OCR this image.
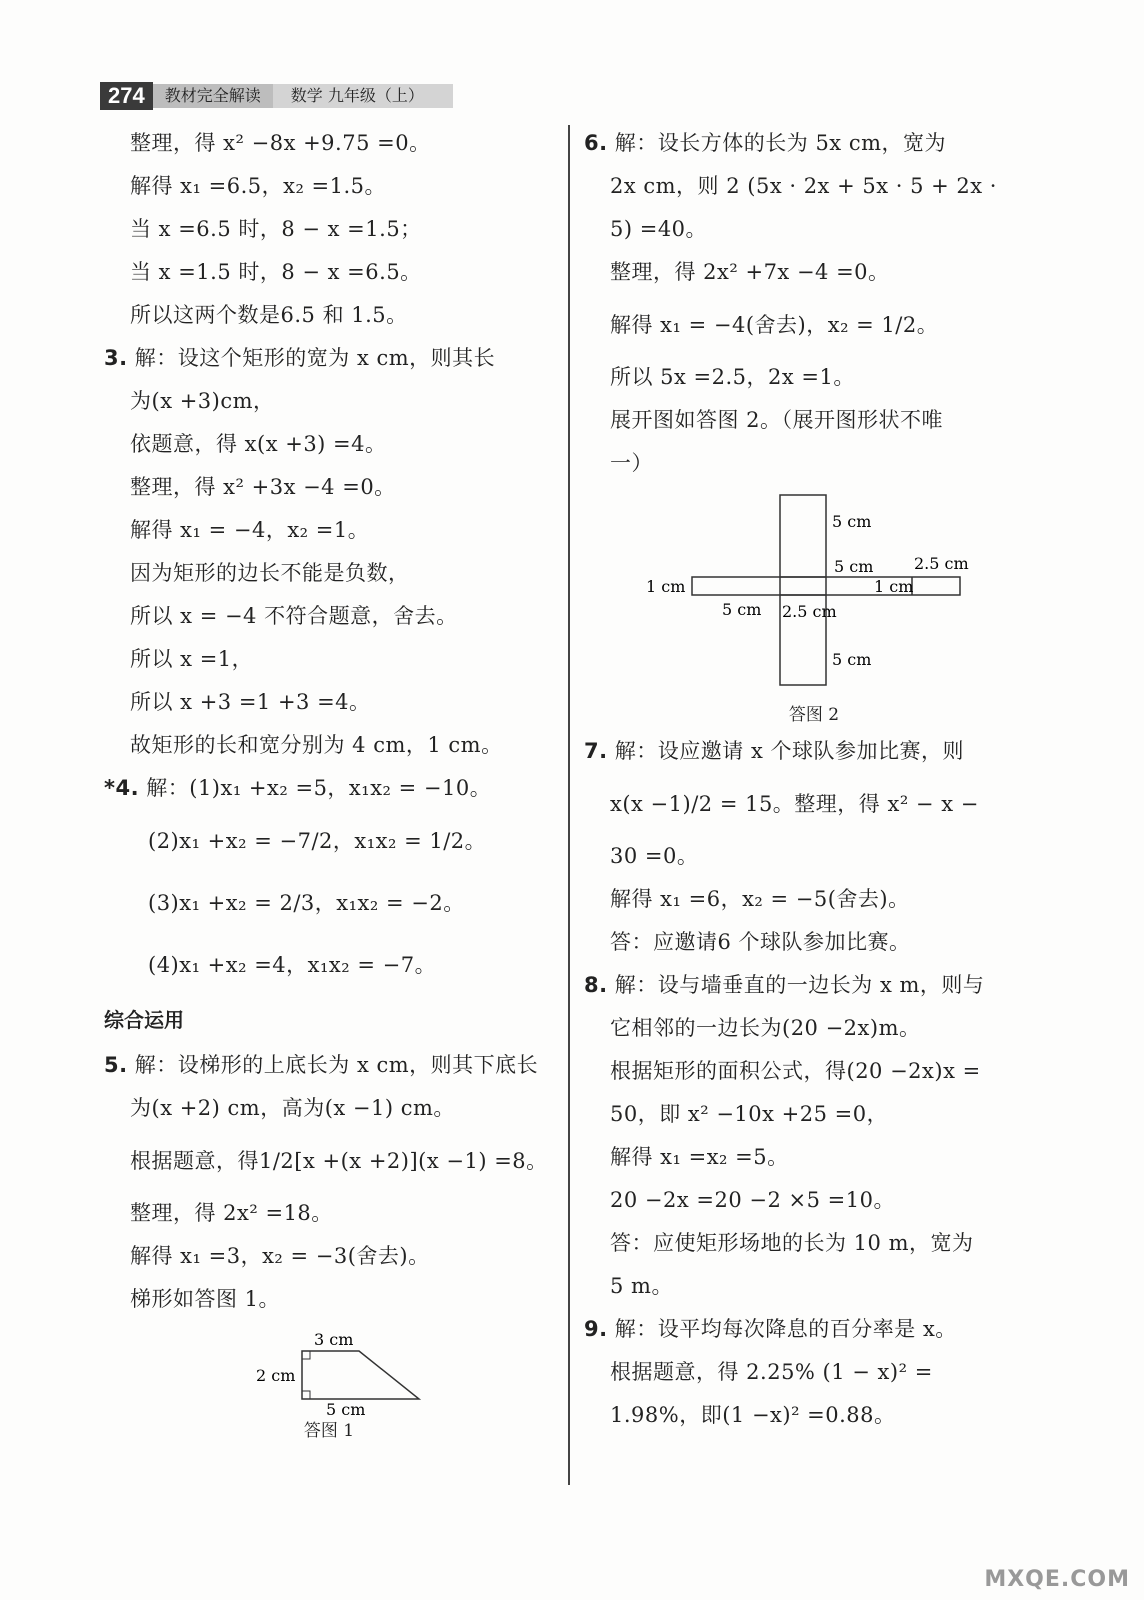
274	教材完全解读	数学 九年级（上）
整理，得 x² −8x +9.75 =0。
解得 x₁ =6.5，x₂ =1.5。
当 x =6.5 时，8 − x =1.5；
当 x =1.5 时，8 − x =6.5。
所以这两个数是6.5 和 1.5。
3. 解：设这个矩形的宽为 x cm，则其长
为(x +3)cm，
依题意，得 x(x +3) =4。
整理，得 x² +3x −4 =0。
解得 x₁ = −4，x₂ =1。
因为矩形的边长不能是负数，
所以 x = −4 不符合题意，舍去。
所以 x =1，
所以 x +3 =1 +3 =4。
故矩形的长和宽分别为 4 cm，1 cm。
*4. 解：(1)x₁ +x₂ =5，x₁x₂ = −10。
(2)x₁ +x₂ = −7/2，x₁x₂ = 1/2。
(3)x₁ +x₂ = 2/3，x₁x₂ = −2。
(4)x₁ +x₂ =4，x₁x₂ = −7。
综合运用
5. 解：设梯形的上底长为 x cm，则其下底长
为(x +2) cm，高为(x −1) cm。
根据题意，得1/2[x +(x +2)](x −1) =8。
整理，得 2x² =18。
解得 x₁ =3，x₂ = −3(舍去)。
梯形如答图 1。
3 cm
2 cm
5 cm
答图 1
6. 解：设长方体的长为 5x cm，宽为
2x cm，则 2 (5x · 2x + 5x · 5 + 2x ·
5) =40。
整理，得 2x² +7x −4 =0。
解得 x₁ = −4(舍去)，x₂ = 1/2。
所以 5x =2.5，2x =1。
展开图如答图 2。（展开图形状不唯
一）
5 cm
5 cm	2.5 cm
1 cm	1 cm
5 cm 2.5 cm
5 cm
答图 2
7. 解：设应邀请 x 个球队参加比赛，则
x(x −1)/2 = 15。整理，得 x² − x −
30 =0。
解得 x₁ =6，x₂ = −5(舍去)。
答：应邀请6 个球队参加比赛。
8. 解：设与墙垂直的一边长为 x m，则与
它相邻的一边长为(20 −2x)m。
根据矩形的面积公式，得(20 −2x)x =
50，即 x² −10x +25 =0，
解得 x₁ =x₂ =5。
20 −2x =20 −2 ×5 =10。
答：应使矩形场地的长为 10 m，宽为
5 m。
9. 解：设平均每次降息的百分率是 x。
根据题意，得 2.25% (1 − x)² =
1.98%，即(1 −x)² =0.88。
MXQE.COM
